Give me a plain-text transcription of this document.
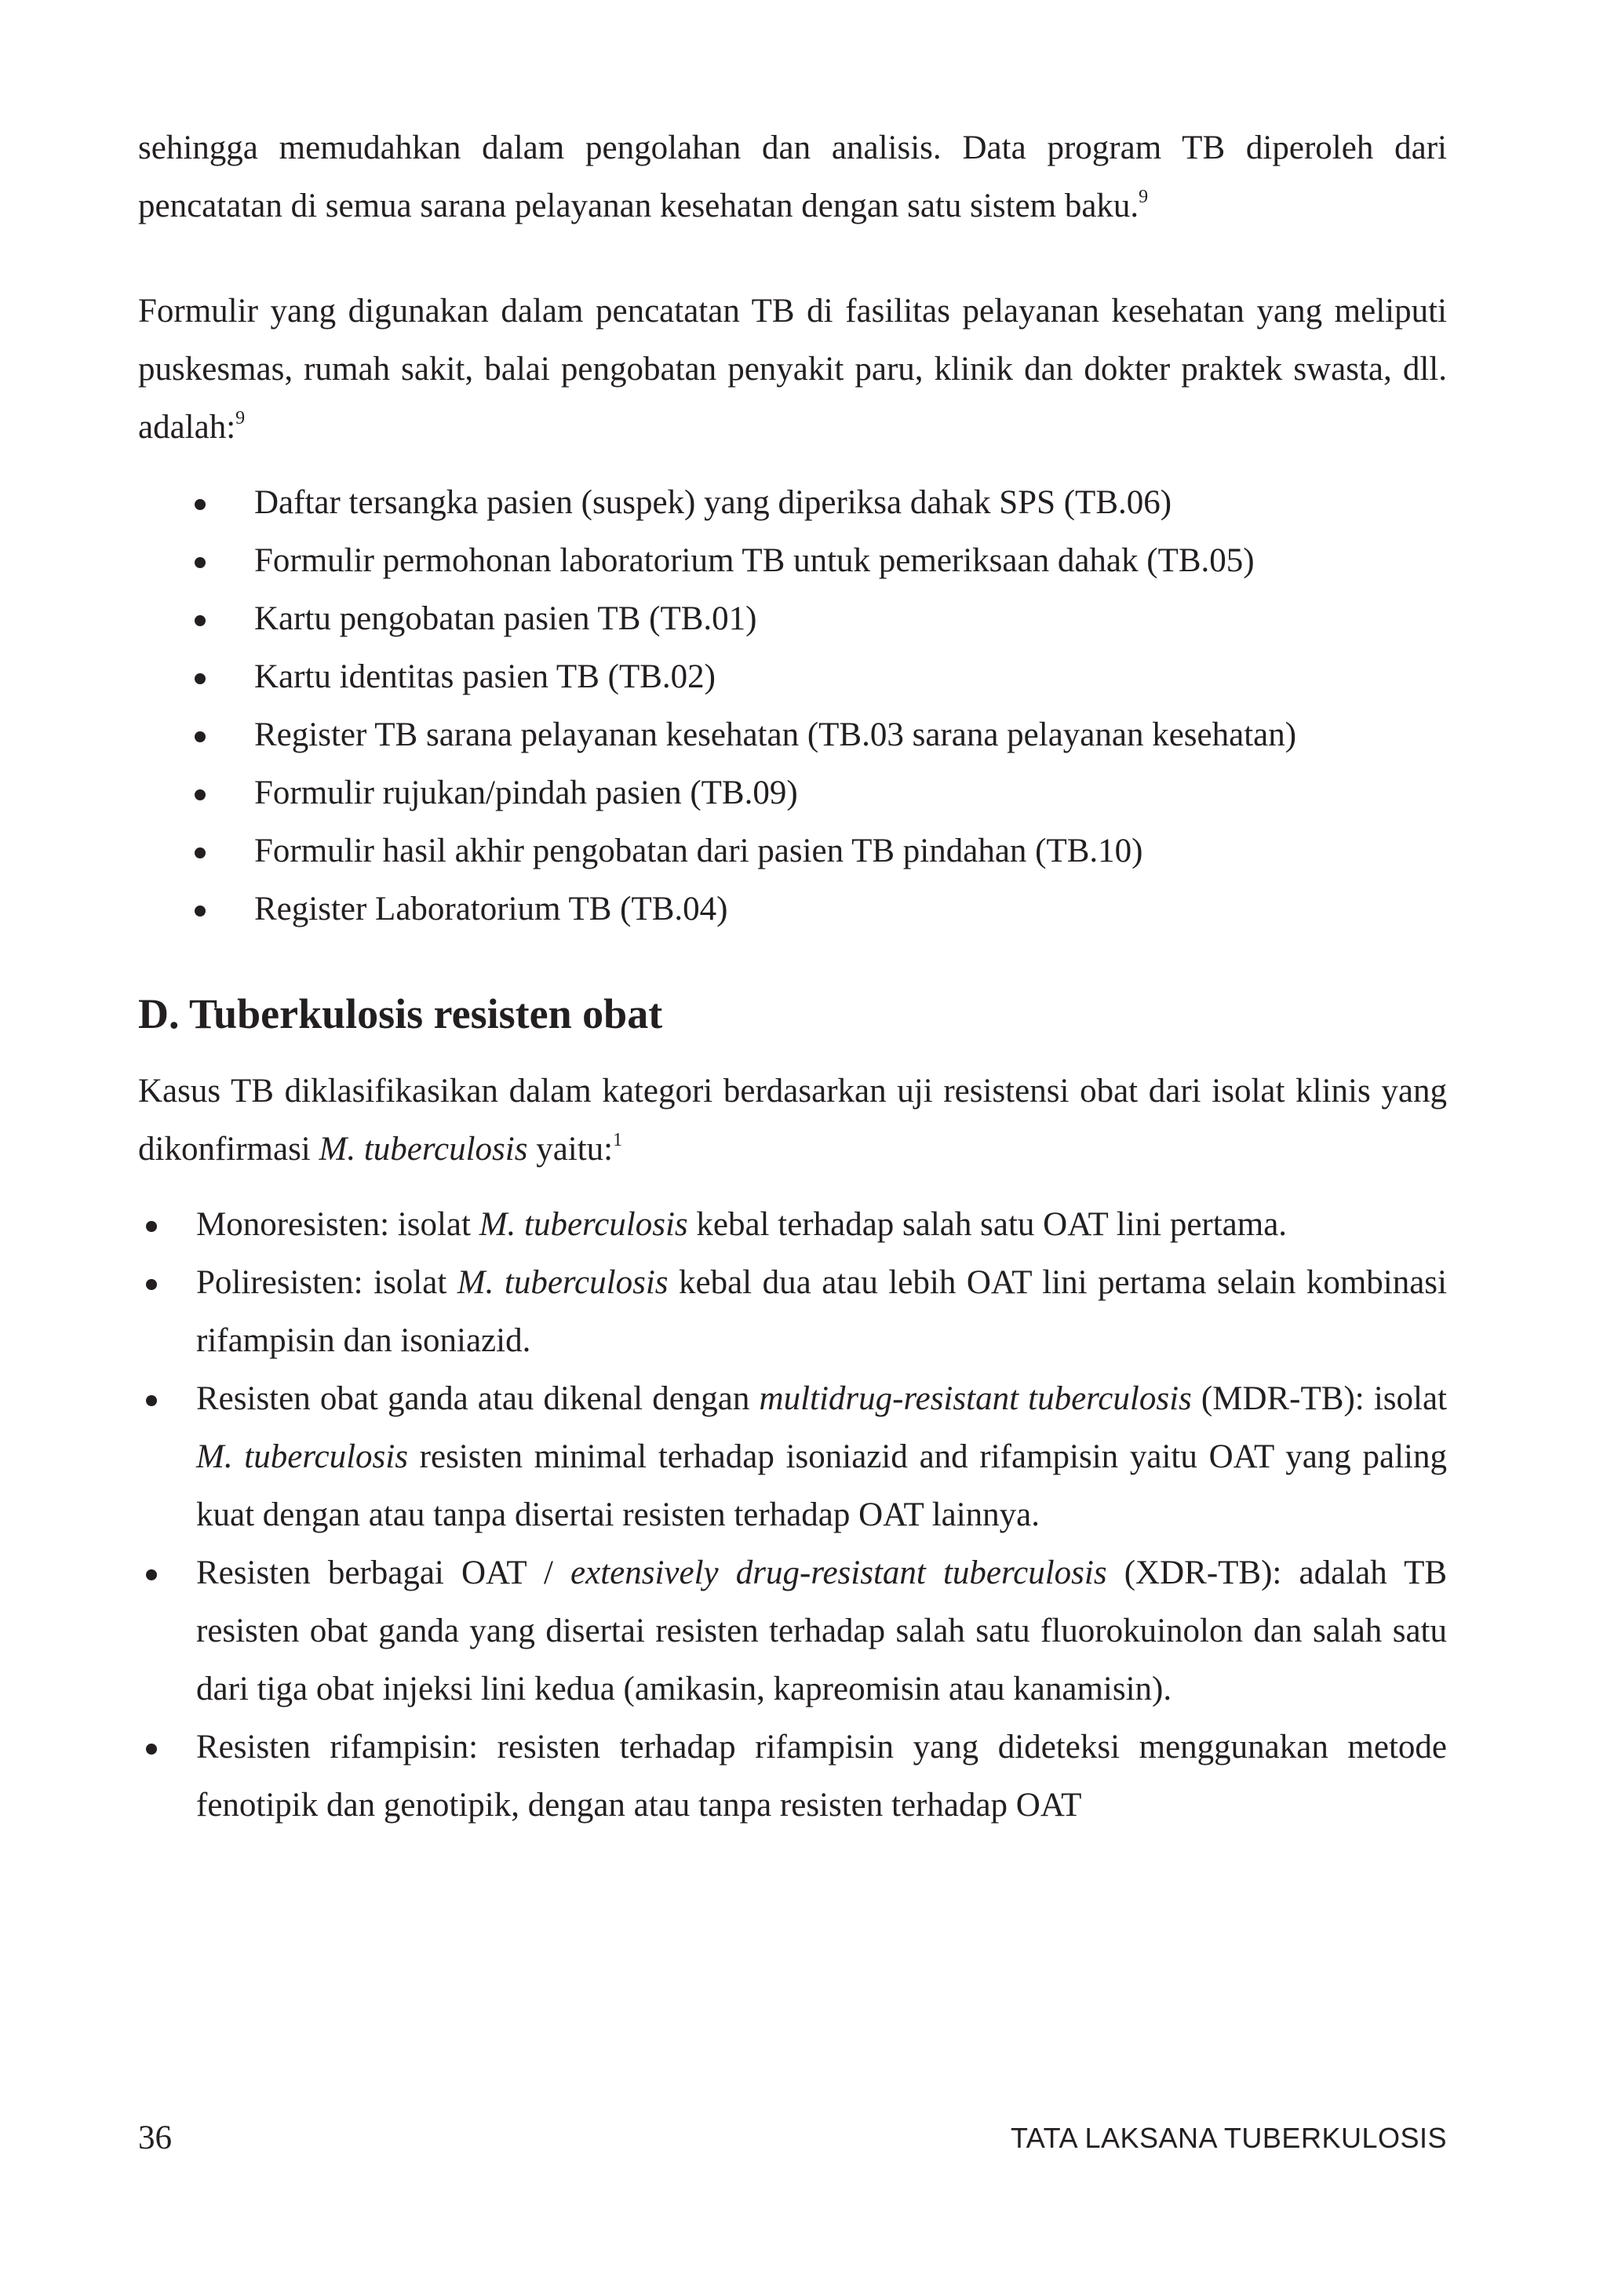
sehingga memudahkan dalam pengolahan dan analisis. Data program TB diperoleh dari pencatatan di semua sarana pelayanan kesehatan dengan satu sistem baku.$^9$

Formulir yang digunakan dalam pencatatan TB di fasilitas pelayanan kesehatan yang meliputi puskesmas, rumah sakit, balai pengobatan penyakit paru, klinik dan dokter praktek swasta, dll. adalah:$^9$

Daftar tersangka pasien (suspek) yang diperiksa dahak SPS (TB.06)
Formulir permohonan laboratorium TB untuk pemeriksaan dahak (TB.05)
Kartu pengobatan pasien TB (TB.01)
Kartu identitas pasien TB (TB.02)
Register TB sarana pelayanan kesehatan (TB.03 sarana pelayanan kesehatan)
Formulir rujukan/pindah pasien (TB.09)
Formulir hasil akhir pengobatan dari pasien TB pindahan (TB.10)
Register Laboratorium TB (TB.04)
D. Tuberkulosis resisten obat

Kasus TB diklasifikasikan dalam kategori berdasarkan uji resistensi obat dari isolat klinis yang dikonfirmasi M. tuberculosis yaitu:$^1$

Monoresisten: isolat M. tuberculosis kebal terhadap salah satu OAT lini pertama.
Poliresisten: isolat M. tuberculosis kebal dua atau lebih OAT lini pertama selain kombinasi rifampisin dan isoniazid.
Resisten obat ganda atau dikenal dengan multidrug-resistant tuberculosis (MDR-TB): isolat M. tuberculosis resisten minimal terhadap isoniazid and rifampisin yaitu OAT yang paling kuat dengan atau tanpa disertai resisten terhadap OAT lainnya.
Resisten berbagai OAT / extensively drug-resistant tuberculosis (XDR-TB): adalah TB resisten obat ganda yang disertai resisten terhadap salah satu fluorokuinolon dan salah satu dari tiga obat injeksi lini kedua (amikasin, kapreomisin atau kanamisin).
Resisten rifampisin: resisten terhadap rifampisin yang dideteksi menggunakan metode fenotipik dan genotipik, dengan atau tanpa resisten terhadap OAT
36	TATA LAKSANA TUBERKULOSIS
